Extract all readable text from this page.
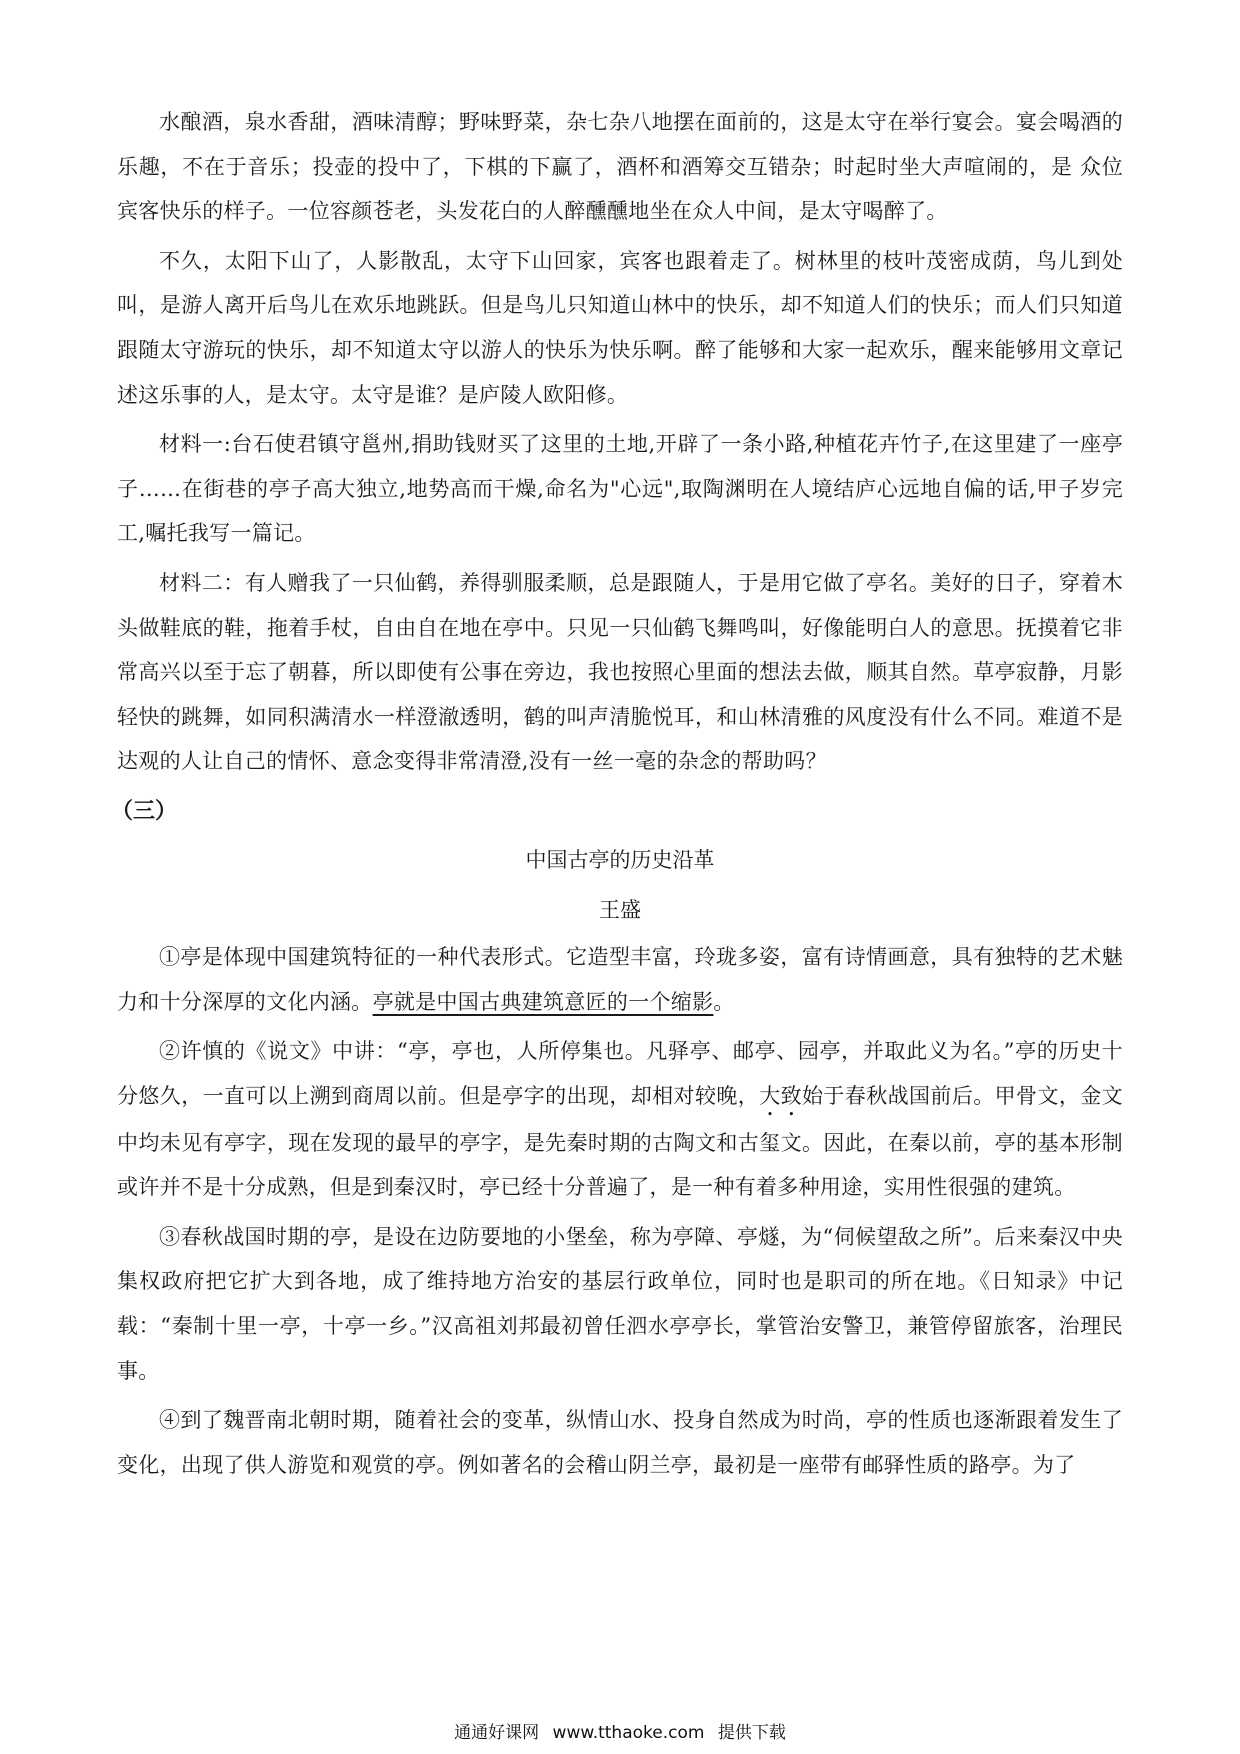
水酿酒，泉水香甜，酒味清醇；野味野菜，杂七杂八地摆在面前的，这是太守在举行宴会。宴会喝酒的乐趣，不在于音乐；投壶的投中了，下棋的下赢了，酒杯和酒筹交互错杂；时起时坐大声喧闹的，是 众位宾客快乐的样子。一位容颜苍老，头发花白的人醉醺醺地坐在众人中间，是太守喝醉了。

不久，太阳下山了，人影散乱，太守下山回家，宾客也跟着走了。树林里的枝叶茂密成荫，鸟儿到处叫，是游人离开后鸟儿在欢乐地跳跃。但是鸟儿只知道山林中的快乐，却不知道人们的快乐；而人们只知道跟随太守游玩的快乐，却不知道太守以游人的快乐为快乐啊。醉了能够和大家一起欢乐，醒来能够用文章记述这乐事的人，是太守。太守是谁？是庐陵人欧阳修。

材料一:台石使君镇守邕州,捐助钱财买了这里的土地,开辟了一条小路,种植花卉竹子,在这里建了一座亭子……在街巷的亭子高大独立,地势高而干燥,命名为"心远",取陶渊明在人境结庐心远地自偏的话,甲子岁完工,嘱托我写一篇记。

材料二：有人赠我了一只仙鹤，养得驯服柔顺，总是跟随人，于是用它做了亭名。美好的日子，穿着木头做鞋底的鞋，拖着手杖，自由自在地在亭中。只见一只仙鹤飞舞鸣叫，好像能明白人的意思。抚摸着它非常高兴以至于忘了朝暮，所以即使有公事在旁边，我也按照心里面的想法去做，顺其自然。草亭寂静，月影轻快的跳舞，如同积满清水一样澄澈透明，鹤的叫声清脆悦耳，和山林清雅的风度没有什么不同。难道不是达观的人让自己的情怀、意念变得非常清澄,没有一丝一毫的杂念的帮助吗？

（三）

中国古亭的历史沿革

王盛

①亭是体现中国建筑特征的一种代表形式。它造型丰富，玲珑多姿，富有诗情画意，具有独特的艺术魅力和十分深厚的文化内涵。亭就是中国古典建筑意匠的一个缩影。

②许慎的《说文》中讲：“亭，亭也，人所停集也。凡驿亭、邮亭、园亭，并取此义为名。”亭的历史十分悠久，一直可以上溯到商周以前。但是亭字的出现，却相对较晚，大致始于春秋战国前后。甲骨文，金文中均未见有亭字，现在发现的最早的亭字，是先秦时期的古陶文和古玺文。因此，在秦以前，亭的基本形制或许并不是十分成熟，但是到秦汉时，亭已经十分普遍了，是一种有着多种用途，实用性很强的建筑。

③春秋战国时期的亭，是设在边防要地的小堡垒，称为亭障、亭燧，为“伺候望敌之所”。后来秦汉中央集权政府把它扩大到各地，成了维持地方治安的基层行政单位，同时也是职司的所在地。《日知录》中记载：“秦制十里一亭，十亭一乡。”汉高祖刘邦最初曾任泗水亭亭长，掌管治安警卫，兼管停留旅客，治理民事。

④到了魏晋南北朝时期，随着社会的变革，纵情山水、投身自然成为时尚，亭的性质也逐渐跟着发生了变化，出现了供人游览和观赏的亭。例如著名的会稽山阴兰亭，最初是一座带有邮驿性质的路亭。为了

通通好课网 www.tthaoke.com 提供下载
